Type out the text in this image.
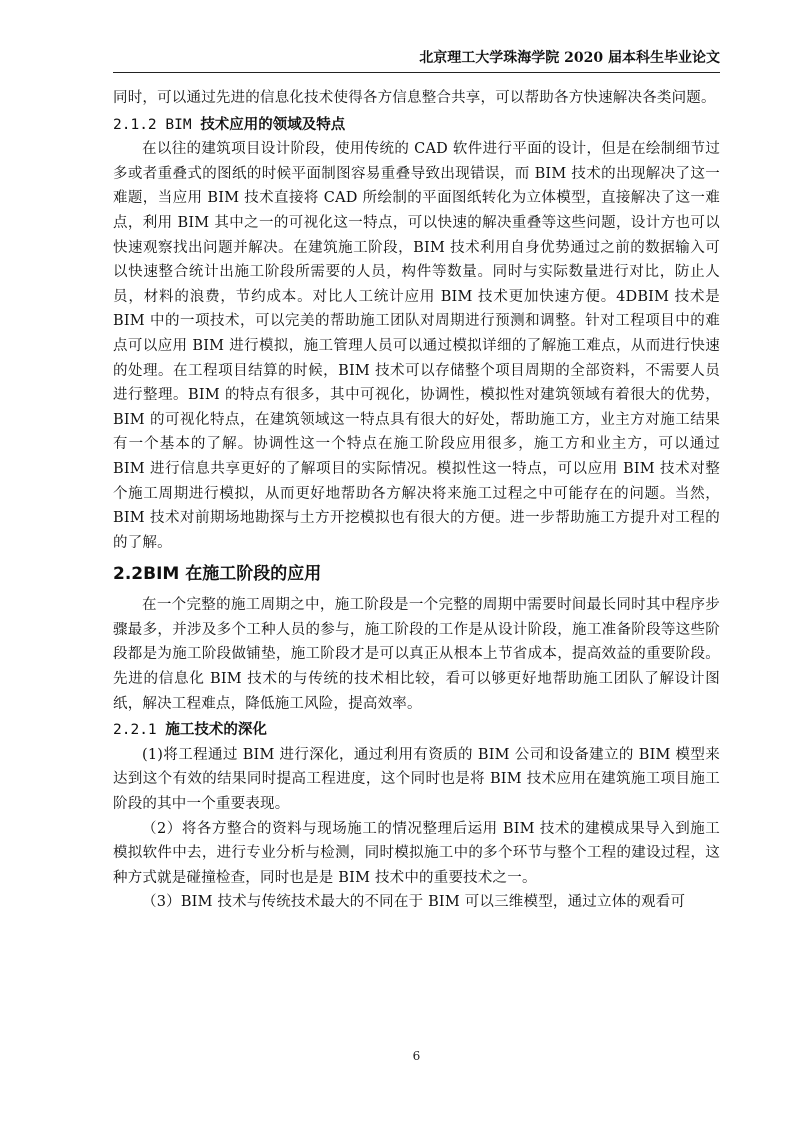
北京理工大学珠海学院 2020 届本科生毕业论文

同时，可以通过先进的信息化技术使得各方信息整合共享，可以帮助各方快速解决各类问题。

2.1.2 BIM 技术应用的领域及特点

在以往的建筑项目设计阶段，使用传统的 CAD 软件进行平面的设计，但是在绘制细节过多或者重叠式的图纸的时候平面制图容易重叠导致出现错误，而 BIM 技术的出现解决了这一难题，当应用 BIM 技术直接将 CAD 所绘制的平面图纸转化为立体模型，直接解决了这一难点，利用 BIM 其中之一的可视化这一特点，可以快速的解决重叠等这些问题，设计方也可以快速观察找出问题并解决。在建筑施工阶段，BIM 技术利用自身优势通过之前的数据输入可以快速整合统计出施工阶段所需要的人员，构件等数量。同时与实际数量进行对比，防止人员，材料的浪费，节约成本。对比人工统计应用 BIM 技术更加快速方便。4DBIM 技术是 BIM 中的一项技术，可以完美的帮助施工团队对周期进行预测和调整。针对工程项目中的难点可以应用 BIM 进行模拟，施工管理人员可以通过模拟详细的了解施工难点，从而进行快速的处理。在工程项目结算的时候，BIM 技术可以存储整个项目周期的全部资料，不需要人员进行整理。BIM 的特点有很多，其中可视化，协调性，模拟性对建筑领域有着很大的优势，BIM 的可视化特点，在建筑领域这一特点具有很大的好处，帮助施工方，业主方对施工结果有一个基本的了解。协调性这一个特点在施工阶段应用很多，施工方和业主方，可以通过 BIM 进行信息共享更好的了解项目的实际情况。模拟性这一特点，可以应用 BIM 技术对整个施工周期进行模拟，从而更好地帮助各方解决将来施工过程之中可能存在的问题。当然，BIM 技术对前期场地勘探与土方开挖模拟也有很大的方便。进一步帮助施工方提升对工程的的了解。

2.2BIM 在施工阶段的应用

在一个完整的施工周期之中，施工阶段是一个完整的周期中需要时间最长同时其中程序步骤最多，并涉及多个工种人员的参与，施工阶段的工作是从设计阶段，施工准备阶段等这些阶段都是为施工阶段做铺垫，施工阶段才是可以真正从根本上节省成本，提高效益的重要阶段。先进的信息化 BIM 技术的与传统的技术相比较，看可以够更好地帮助施工团队了解设计图纸，解决工程难点，降低施工风险，提高效率。

2.2.1 施工技术的深化

(1)将工程通过 BIM 进行深化，通过利用有资质的 BIM 公司和设备建立的 BIM 模型来达到这个有效的结果同时提高工程进度，这个同时也是将 BIM 技术应用在建筑施工项目施工阶段的其中一个重要表现。

（2）将各方整合的资料与现场施工的情况整理后运用 BIM 技术的建模成果导入到施工模拟软件中去，进行专业分析与检测，同时模拟施工中的多个环节与整个工程的建设过程，这种方式就是碰撞检查，同时也是是 BIM 技术中的重要技术之一。

（3）BIM 技术与传统技术最大的不同在于 BIM 可以三维模型，通过立体的观看可

6
